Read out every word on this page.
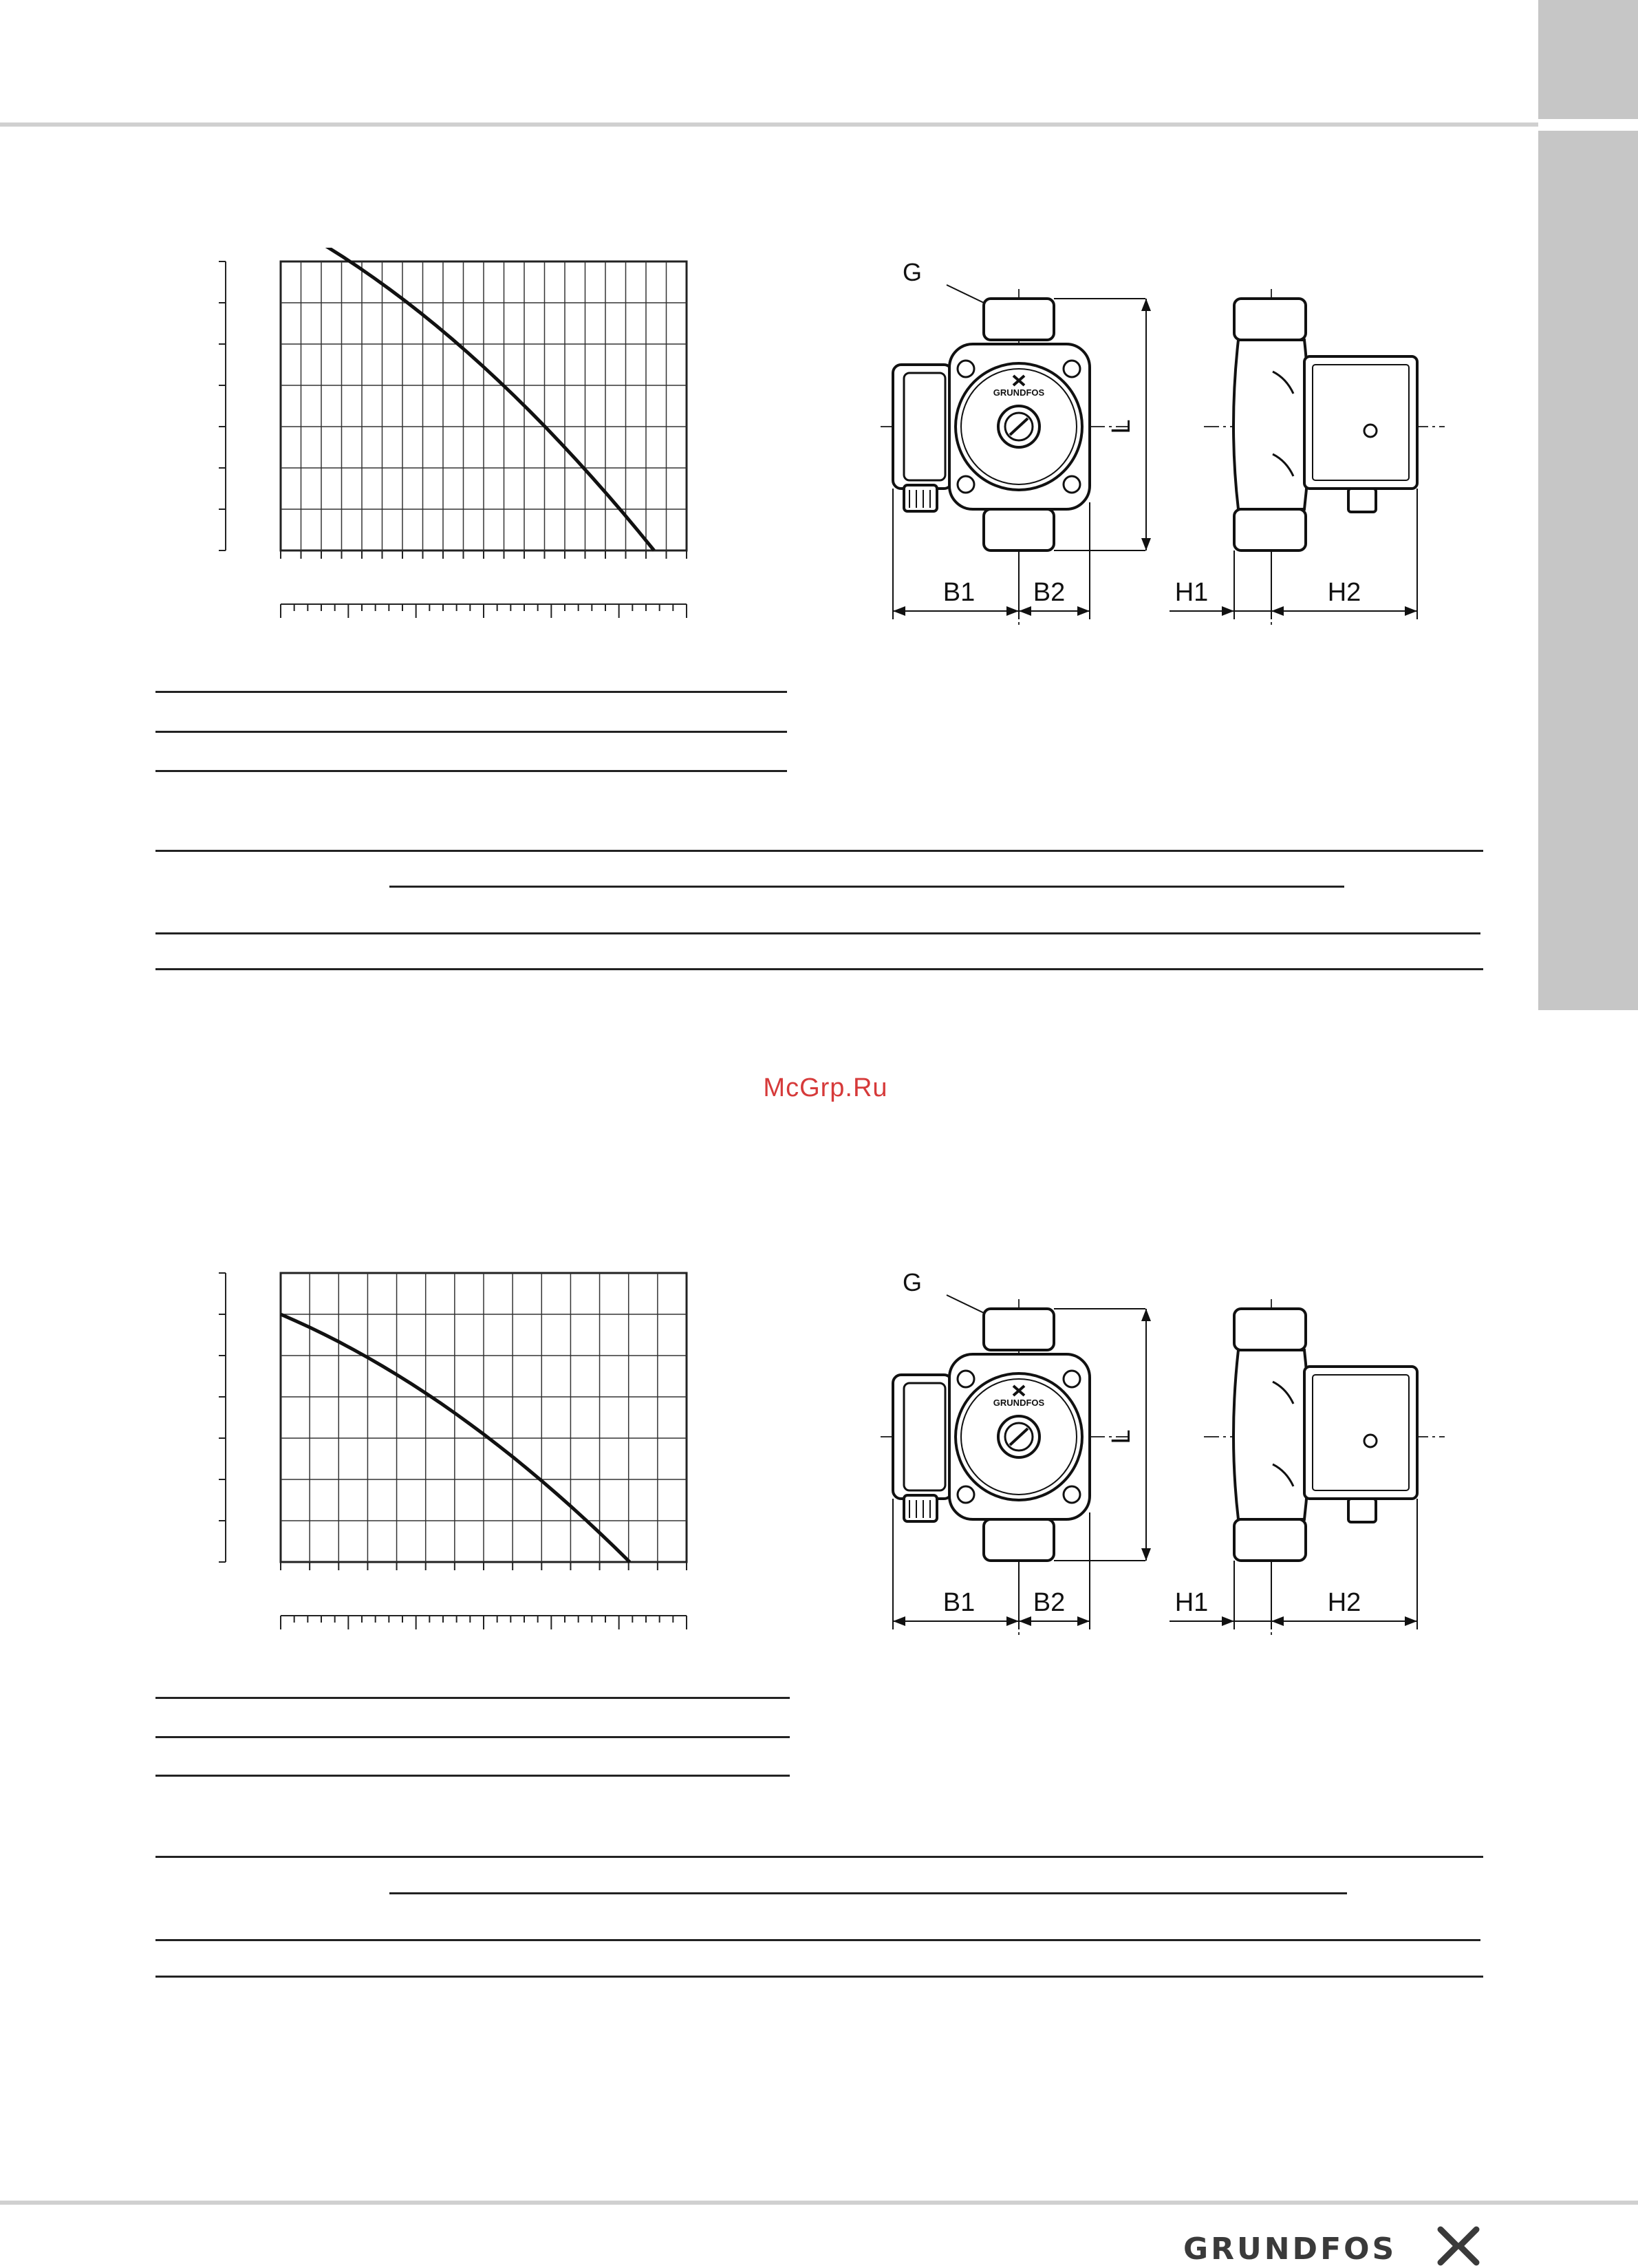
GRUNDFOS
G
L
B1 B2	H1	H2
McGrp.Ru
GRUNDFOS
G
L
B1 B2	H1	H2
GRUNDFOS
